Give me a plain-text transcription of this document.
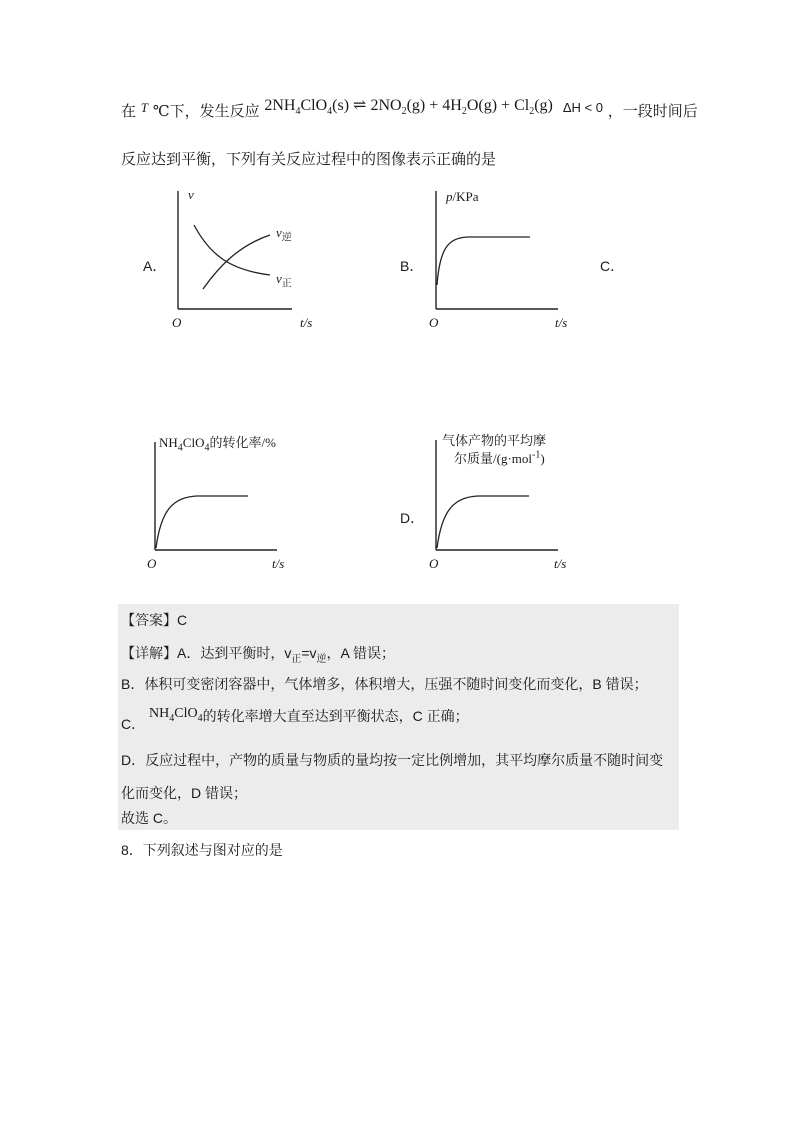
在 T ℃下，发生反应 $2NH_4ClO_4(s)$ ⇌ $2NO_2(g) + 4H_2O(g) + Cl_2(g) \Delta H < 0$ ，一段时间后
反应达到平衡，下列有关反应过程中的图像表示正确的是
A．
v
O	t/s
$v_逆$
$v_正$
B．
p/KPa
O	t/s
C．
$NH_4ClO_4$的转化率/%
O	t/s
D．
气体产物的平均摩
尔质量/(g·mol$^{-1}$)
O	t/s
【答案】C
【详解】A．达到平衡时，$v_正=v_逆$，A 错误；
B．体积可变密闭容器中，气体增多，体积增大，压强不随时间变化而变化，B 错误；
C． $NH_4ClO_4$的转化率增大直至达到平衡状态，C 正确；
D．反应过程中，产物的质量与物质的量均按一定比例增加，其平均摩尔质量不随时间变
化而变化，D 错误；
故选 C。
8．下列叙述与图对应的是
